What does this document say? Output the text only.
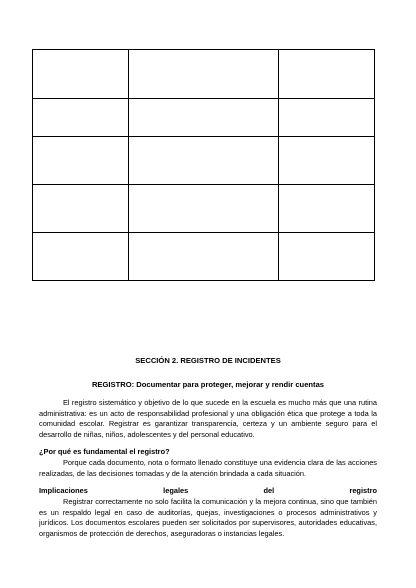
SECCIÓN 2. REGISTRO DE INCIDENTES

REGISTRO: Documentar para proteger, mejorar y rendir cuentas

El registro sistemático y objetivo de lo que sucede en la escuela es mucho más que una rutina administrativa: es un acto de responsabilidad profesional y una obligación ética que protege a toda la comunidad escolar. Registrar es garantizar transparencia, certeza y un ambiente seguro para el desarrollo de niñas, niños, adolescentes y del personal educativo.

¿Por qué es fundamental el registro?

Porque cada documento, nota o formato llenado constituye una evidencia clara de las acciones realizadas, de las decisiones tomadas y de la atención brindada a cada situación.

Implicaciones	legales	del	registro

Registrar correctamente no solo facilita la comunicación y la mejora continua, sino que también es un respaldo legal en caso de auditorías, quejas, investigaciones o procesos administrativos y jurídicos. Los documentos escolares pueden ser solicitados por supervisores, autoridades educativas, organismos de protección de derechos, aseguradoras o instancias legales.
